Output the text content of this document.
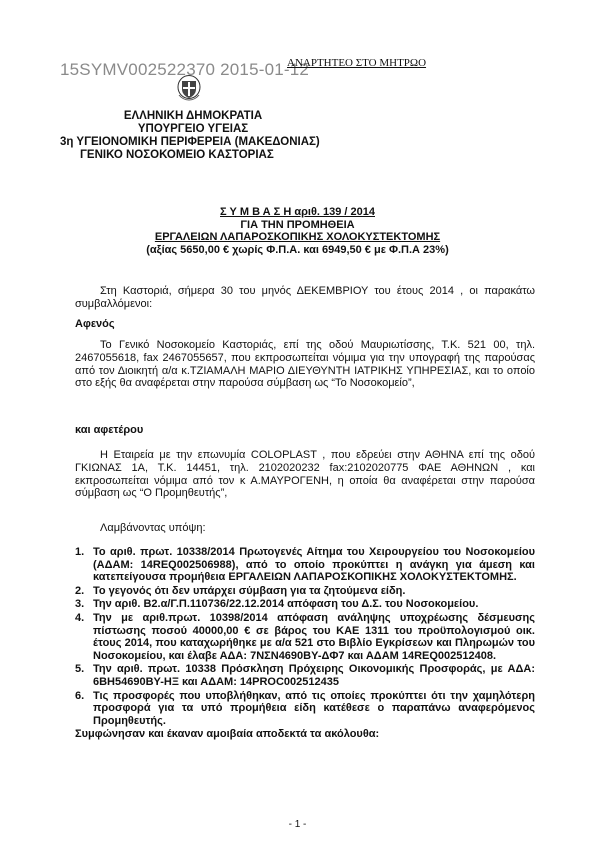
15SYMV002522370 2015-01-12
ΑΝΑΡΤΗΤΕΟ ΣΤΟ ΜΗΤΡΩΟ
ΕΛΛΗΝΙΚΗ ΔΗΜΟΚΡΑΤΙΑ
ΥΠΟΥΡΓΕΙΟ ΥΓΕΙΑΣ
3η ΥΓΕΙΟΝΟΜΙΚΗ ΠΕΡΙΦΕΡΕΙΑ (ΜΑΚΕΔΟΝΙΑΣ)
ΓΕΝΙΚΟ ΝΟΣΟΚΟΜΕΙΟ ΚΑΣΤΟΡΙΑΣ
Σ Υ Μ Β Α Σ Η αριθ. 139 / 2014
ΓΙΑ ΤΗΝ ΠΡΟΜΗΘΕΙΑ
ΕΡΓΑΛΕΙΩΝ ΛΑΠΑΡΟΣΚΟΠΙΚΗΣ ΧΟΛΟΚΥΣΤΕΚΤΟΜΗΣ
(αξίας 5650,00 € χωρίς Φ.Π.Α. και 6949,50 € με Φ.Π.Α 23%)
Στη Καστοριά, σήμερα 30 του μηνός ΔΕΚΕΜΒΡΙΟΥ του έτους 2014 , οι παρακάτω συμβαλλόμενοι:
Αφενός
Το Γενικό Νοσοκομείο Καστοριάς, επί της οδού Μαυριωτίσσης, Τ.Κ. 521 00, τηλ. 2467055618, fax 2467055657, που εκπροσωπείται νόμιμα για την υπογραφή της παρούσας από τον Διοικητή α/α κ.ΤΖΙΑΜΑΛΗ ΜΑΡΙΟ ΔΙΕΥΘΥΝΤΗ ΙΑΤΡΙΚΗΣ ΥΠΗΡΕΣΙΑΣ, και το οποίο στο εξής θα αναφέρεται στην παρούσα σύμβαση ως “Το Νοσοκομείο”,
και αφετέρου
Η Εταιρεία με την επωνυμία COLOPLAST , που εδρεύει στην ΑΘΗΝΑ επί της οδού ΓΚΙΩΝΑΣ 1Α, Τ.Κ. 14451, τηλ. 2102020232 fax:2102020775 ΦΑΕ ΑΘΗΝΩΝ , και εκπροσωπείται νόμιμα από τον κ Α.ΜΑΥΡΟΓΕΝΗ, η οποία θα αναφέρεται στην παρούσα σύμβαση ως “Ο Προμηθευτής”,
Λαμβάνοντας υπόψη:
1. Το αριθ. πρωτ. 10338/2014 Πρωτογενές Αίτημα του Χειρουργείου του Νοσοκομείου (ΑΔΑΜ: 14REQ002506988), από το οποίο προκύπτει η ανάγκη για άμεση και κατεπείγουσα προμήθεια ΕΡΓΑΛΕΙΩΝ ΛΑΠΑΡΟΣΚΟΠΙΚΗΣ ΧΟΛΟΚΥΣΤΕΚΤΟΜΗΣ.
2. Το γεγονός ότι δεν υπάρχει σύμβαση για τα ζητούμενα είδη.
3. Την αριθ. Β2.α/Γ.Π.110736/22.12.2014 απόφαση του Δ.Σ. του Νοσοκομείου.
4. Την με αριθ.πρωτ. 10398/2014 απόφαση ανάληψης υποχρέωσης δέσμευσης πίστωσης ποσού 40000,00 € σε βάρος του ΚΑΕ 1311 του προϋπολογισμού οικ. έτους 2014, που καταχωρήθηκε με α/α 521 στο Βιβλίο Εγκρίσεων και Πληρωμών του Νοσοκομείου, και έλαβε ΑΔΑ: 7ΝΣΝ4690ΒΥ-ΔΦ7 και ΑΔΑΜ 14REQ002512408.
5. Την αριθ. πρωτ. 10338 Πρόσκληση Πρόχειρης Οικονομικής Προσφοράς, με ΑΔΑ: 6ΒΗ54690ΒΥ-ΗΞ και ΑΔΑΜ: 14PROC002512435
6. Τις προσφορές που υποβλήθηκαν, από τις οποίες προκύπτει ότι την χαμηλότερη προσφορά για τα υπό προμήθεια είδη κατέθεσε ο παραπάνω αναφερόμενος Προμηθευτής.
Συμφώνησαν και έκαναν αμοιβαία αποδεκτά τα ακόλουθα:
- 1 -
